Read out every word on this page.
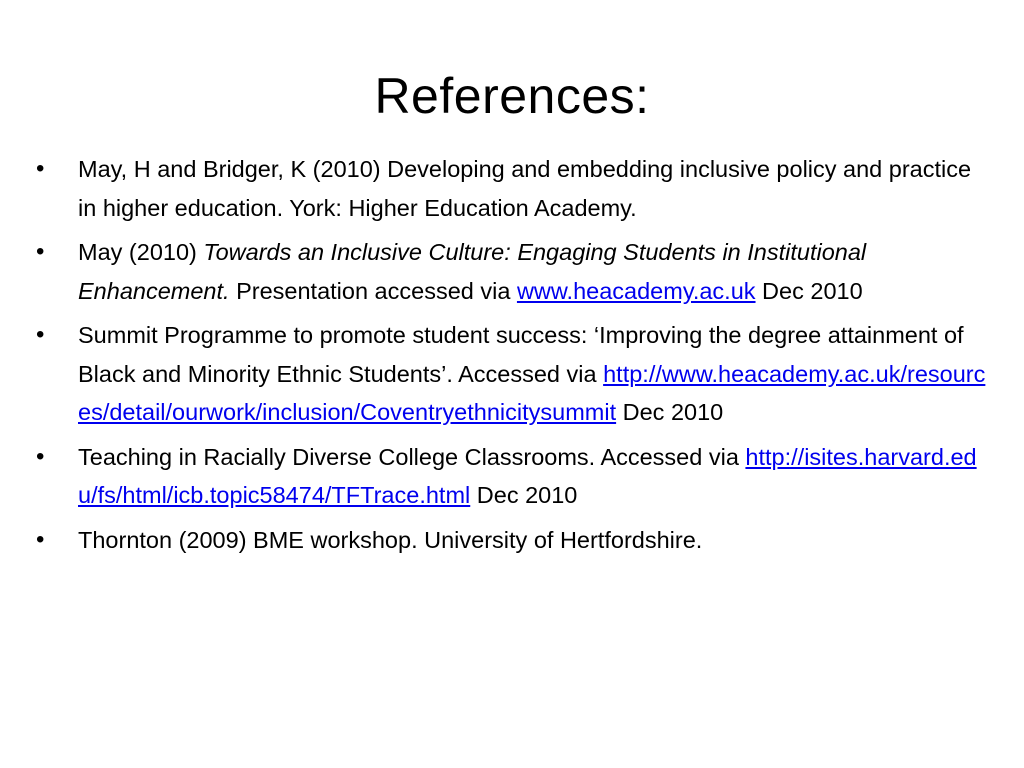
References:
•	May, H and Bridger, K (2010) Developing and embedding inclusive policy and practice in higher education. York: Higher Education Academy.
•	May (2010) Towards an Inclusive Culture: Engaging Students in Institutional Enhancement. Presentation accessed via www.heacademy.ac.uk Dec 2010
•	Summit Programme to promote student success: ‘Improving the degree attainment of Black and Minority Ethnic Students’. Accessed via http://www.heacademy.ac.uk/resources/detail/ourwork/inclusion/Coventryethnicitysummit Dec 2010
•	Teaching in Racially Diverse College Classrooms. Accessed via http://isites.harvard.edu/fs/html/icb.topic58474/TFTrace.html Dec 2010
•	Thornton (2009) BME workshop. University of Hertfordshire.
